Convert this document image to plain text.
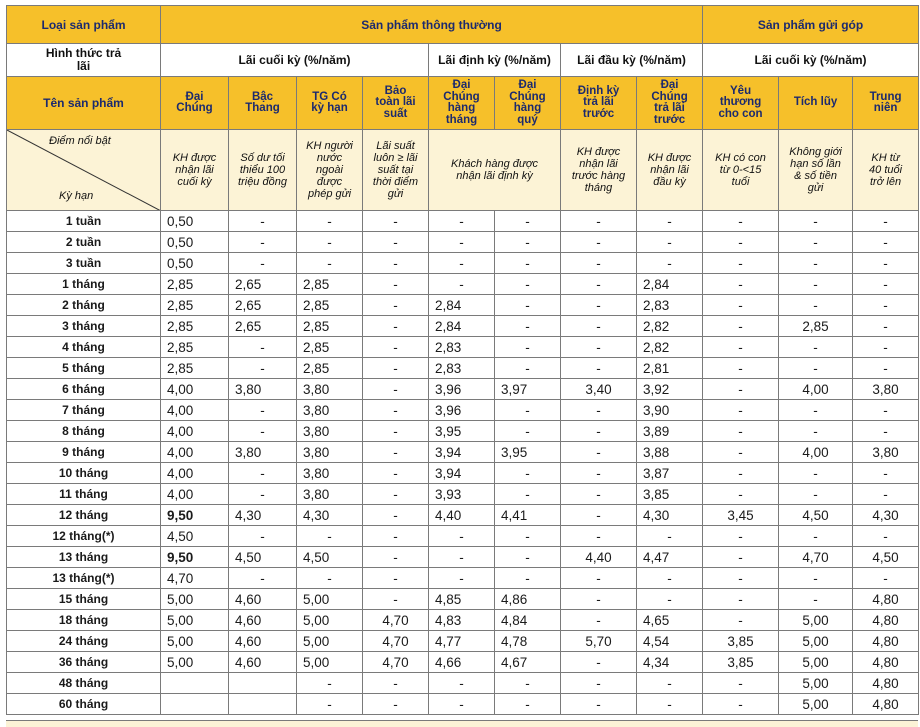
Loại sản phẩm	Sản phẩm thông thường								Sản phẩm gửi góp		

Hình thức trả lãi	Lãi cuối kỳ (%/năm)				Lãi định kỳ (%/năm)		Lãi đầu kỳ (%/năm)		Lãi cuối kỳ (%/năm)		
Tên sản phẩm	Đại Chúng	Bậc Thang	TG Có kỳ hạn	Bảo toàn lãi suất	Đại Chúng hàng tháng	Đại Chúng hàng quý	Định kỳ trả lãi trước	Đại Chúng trả lãi trước	Yêu thương cho con	Tích lũy	Trung niên

Điểm nổi bật
Kỳ hạn	KH được nhận lãi cuối kỳ	Số dư tối thiểu 100 triệu đồng	KH người nước ngoài được phép gửi	Lãi suất luôn ≥ lãi suất tại thời điểm gửi	Khách hàng được nhận lãi định kỳ		KH được nhận lãi trước hàng tháng	KH được nhận lãi đầu kỳ	KH có con từ 0-<15 tuổi	Không giới hạn số lần & số tiền gửi	KH từ 40 tuổi trở lên

1 tuần	0,50	-	-	-	-	-	-	-	-	-	-
2 tuần	0,50	-	-	-	-	-	-	-	-	-	-
3 tuần	0,50	-	-	-	-	-	-	-	-	-	-
1 tháng	2,85	2,65	2,85	-	-	-	-	2,84	-	-	-
2 tháng	2,85	2,65	2,85	-	2,84	-	-	2,83	-	-	-
3 tháng	2,85	2,65	2,85	-	2,84	-	-	2,82	-	2,85	-
4 tháng	2,85	-	2,85	-	2,83	-	-	2,82	-	-	-
5 tháng	2,85	-	2,85	-	2,83	-	-	2,81	-	-	-
6 tháng	4,00	3,80	3,80	-	3,96	3,97	3,40	3,92	-	4,00	3,80
7 tháng	4,00	-	3,80	-	3,96	-	-	3,90	-	-	-
8 tháng	4,00	-	3,80	-	3,95	-	-	3,89	-	-	-
9 tháng	4,00	3,80	3,80	-	3,94	3,95	-	3,88	-	4,00	3,80
10 tháng	4,00	-	3,80	-	3,94	-	-	3,87	-	-	-
11 tháng	4,00	-	3,80	-	3,93	-	-	3,85	-	-	-
12 tháng	9,50	4,30	4,30	-	4,40	4,41	-	4,30	3,45	4,50	4,30
12 tháng(*)	4,50	-	-	-	-	-	-	-	-	-	-
13 tháng	9,50	4,50	4,50	-	-	-	4,40	4,47	-	4,70	4,50
13 tháng(*)	4,70	-	-	-	-	-	-	-	-	-	-
15 tháng	5,00	4,60	5,00	-	4,85	4,86	-	-	-	-	4,80
18 tháng	5,00	4,60	5,00	4,70	4,83	4,84	-	4,65	-	5,00	4,80
24 tháng	5,00	4,60	5,00	4,70	4,77	4,78	5,70	4,54	3,85	5,00	4,80
36 tháng	5,00	4,60	5,00	4,70	4,66	4,67	-	4,34	3,85	5,00	4,80
48 tháng			-	-	-	-	-	-	-	5,00	4,80
60 tháng			-	-	-	-	-	-	-	5,00	4,80
